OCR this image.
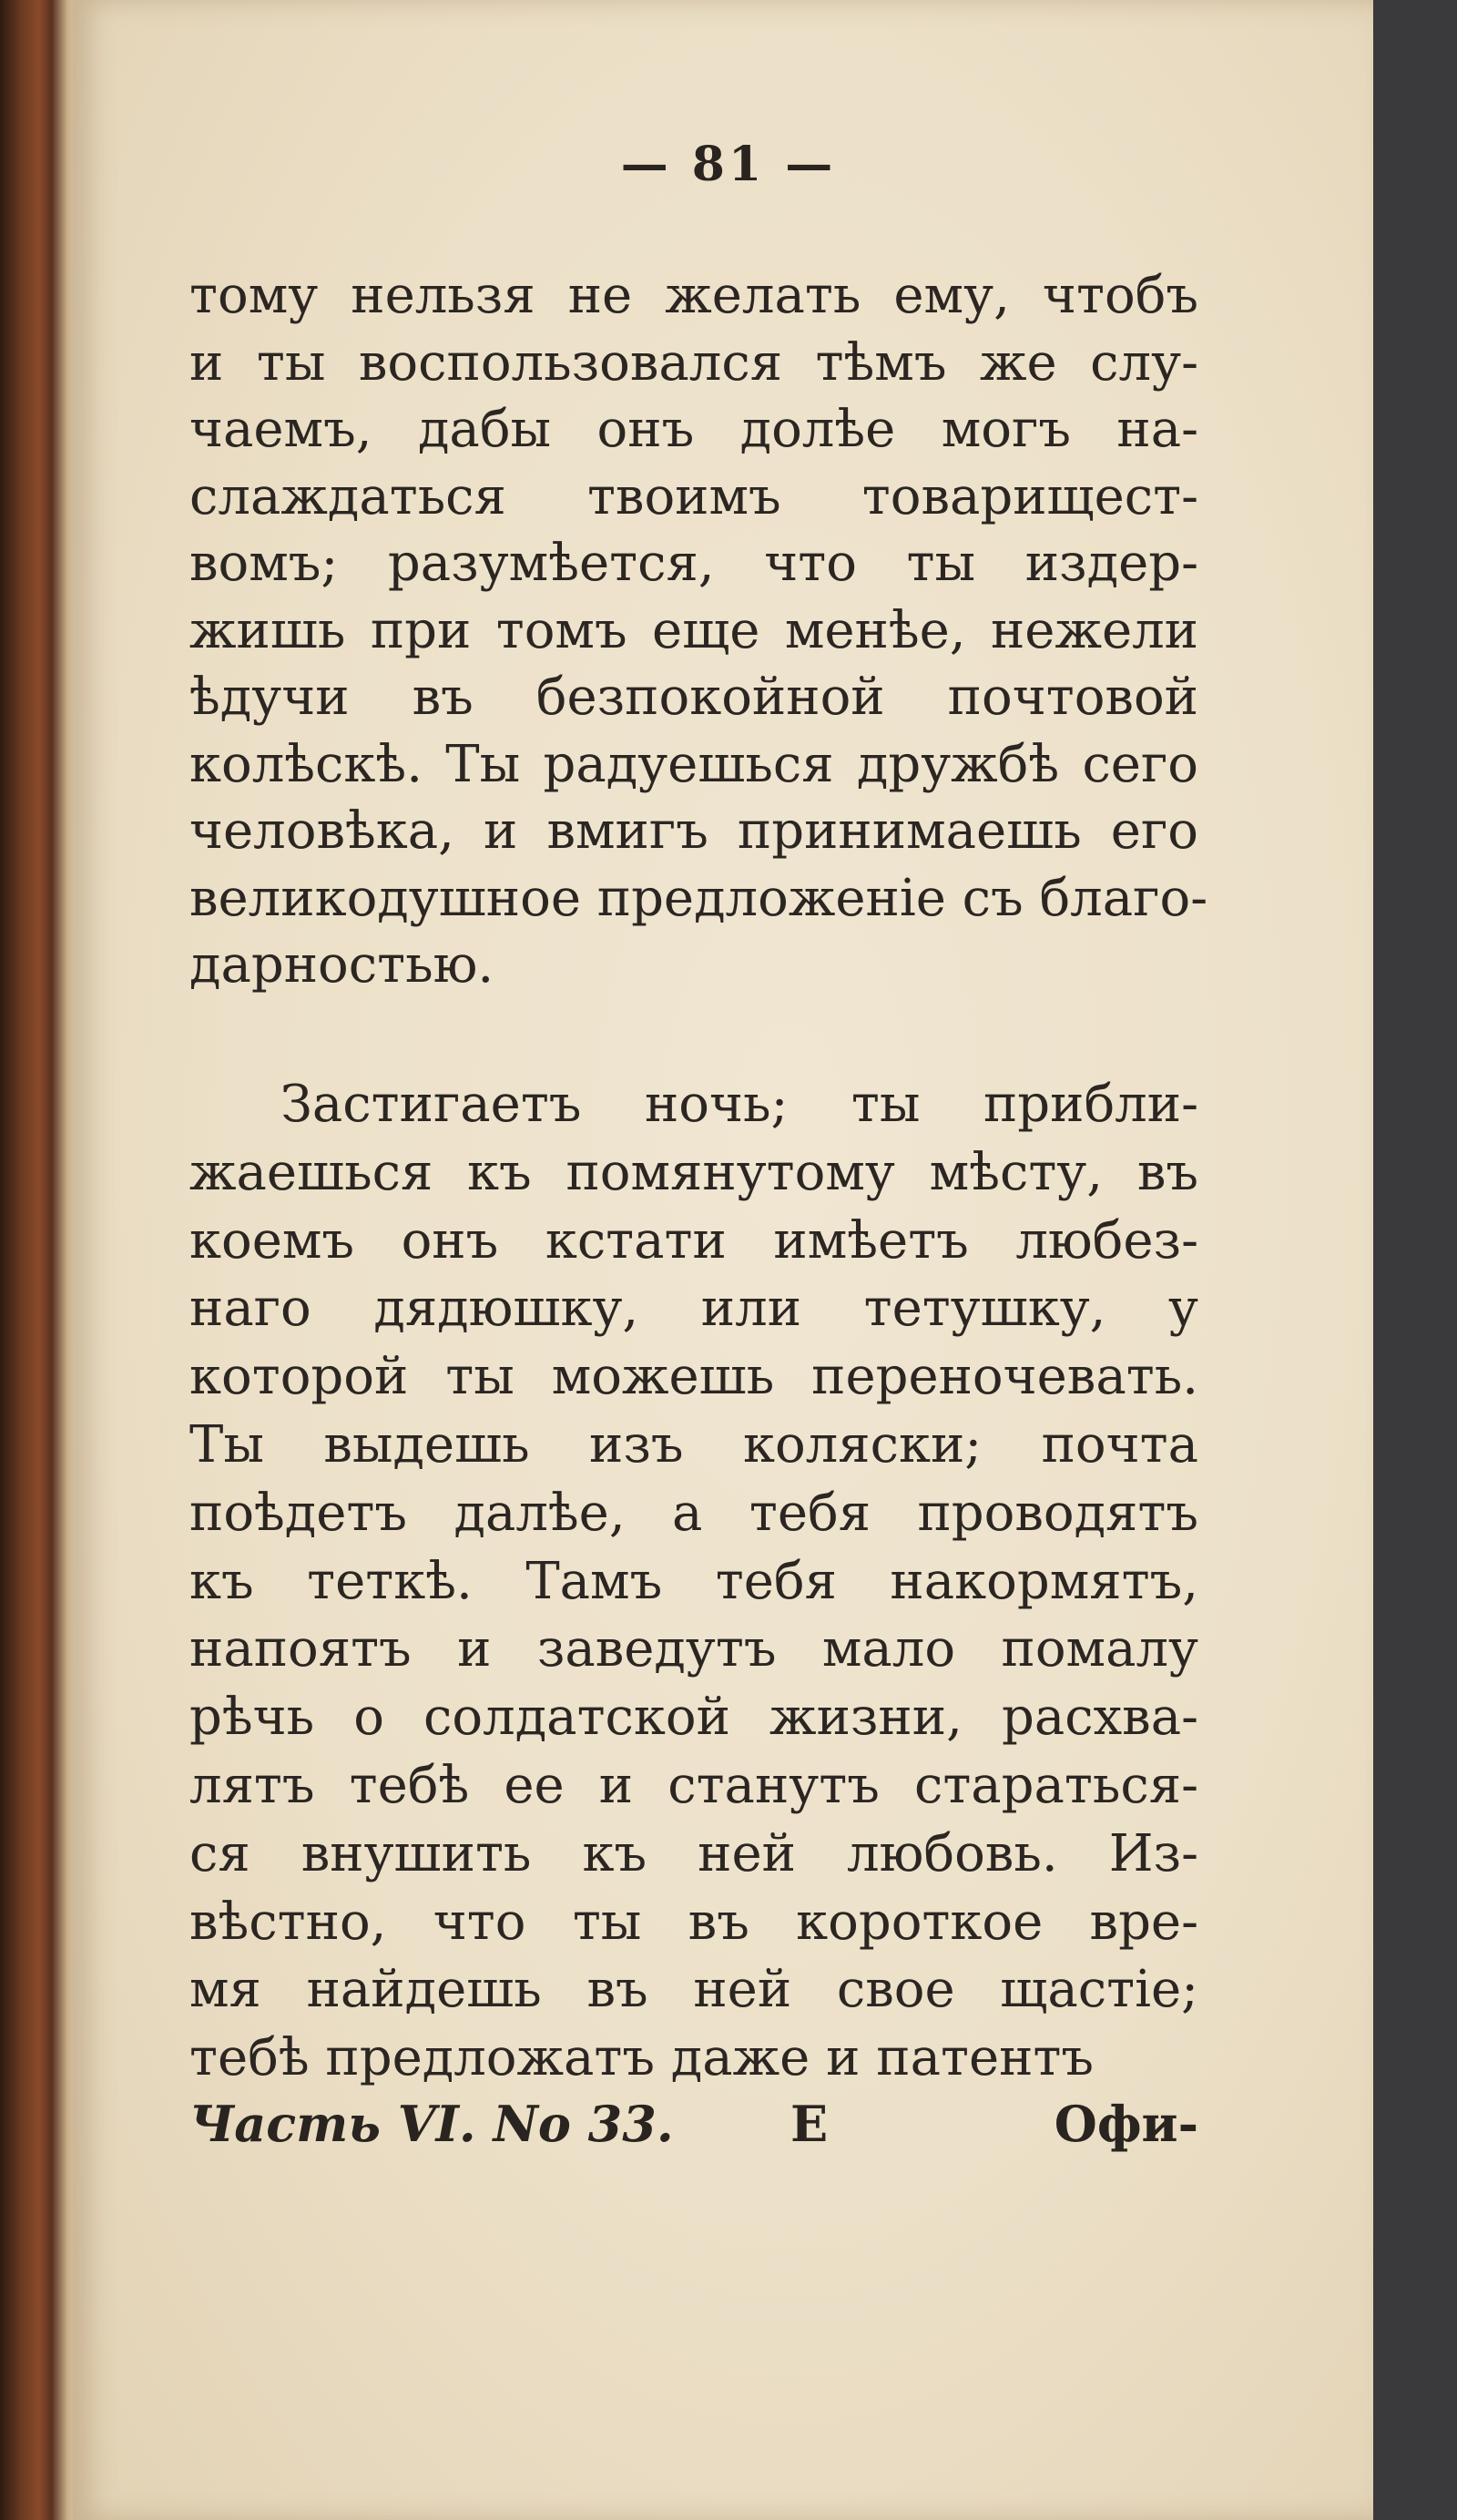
— 81 —
тому нельзя не желать ему, чтобъ
и ты воспользовался тѣмъ же слу-
чаемъ, дабы онъ долѣе могъ на-
слаждаться твоимъ товарищест-
вомъ; разумѣется, что ты издер-
жишь при томъ еще менѣе, нежели
ѣдучи въ безпокойной почтовой
колѣскѣ. Ты радуешься дружбѣ сего
человѣка, и вмигъ принимаешь его
великодушное предложеніе съ благо-
дарностью.
Застигаетъ ночь; ты прибли-
жаешься къ помянутому мѣсту, въ
коемъ онъ кстати имѣетъ любез-
наго дядюшку, или тетушку, у
которой ты можешь переночевать.
Ты выдешь изъ коляски; почта
поѣдетъ далѣе, а тебя проводятъ
къ теткѣ. Тамъ тебя накормятъ,
напоятъ и заведутъ мало помалу
рѣчь о солдатской жизни, расхва-
лятъ тебѣ ее и станутъ стараться-
ся внушить къ ней любовь. Из-
вѣстно, что ты въ короткое вре-
мя найдешь въ ней свое щастіе;
тебѣ предложатъ даже и патентъ
Часть VI. No 33. E	Офи-
